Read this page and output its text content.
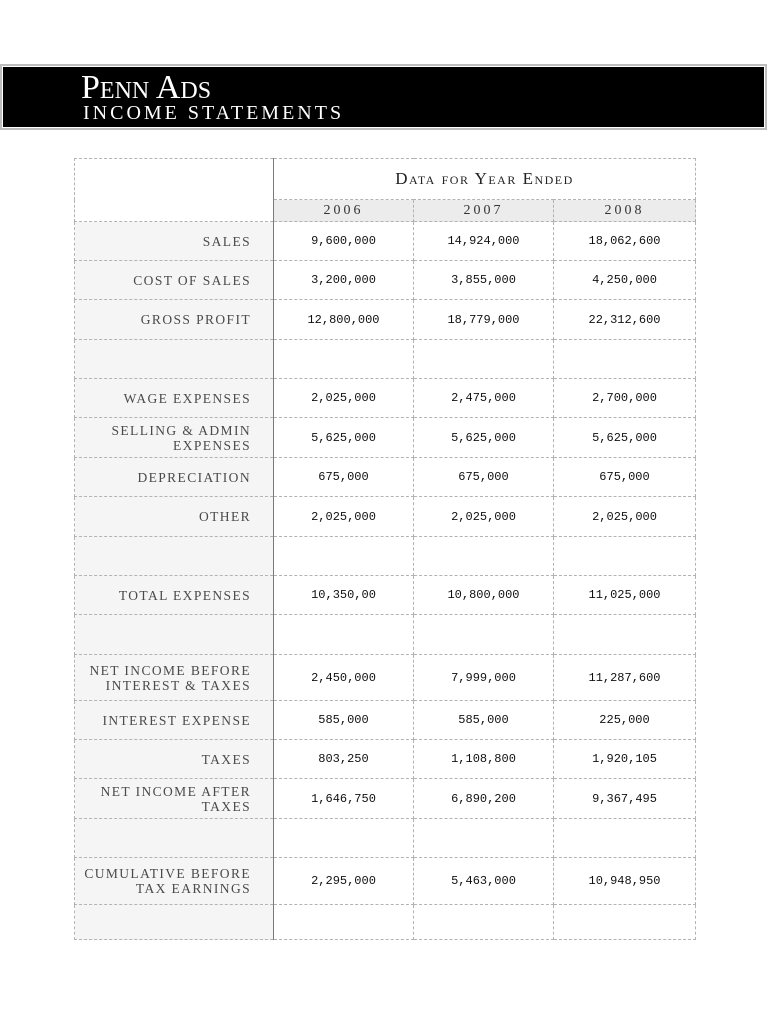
Penn Ads
INCOME STATEMENTS
	Data for Year Ended		
	2006	2007	2008
SALES	9,600,000	14,924,000	18,062,600
COST OF SALES	3,200,000	3,855,000	4,250,000
GROSS PROFIT	12,800,000	18,779,000	22,312,600

WAGE EXPENSES	2,025,000	2,475,000	2,700,000
SELLING & ADMIN EXPENSES	5,625,000	5,625,000	5,625,000
DEPRECIATION	675,000	675,000	675,000
OTHER	2,025,000	2,025,000	2,025,000

TOTAL EXPENSES	10,350,00	10,800,000	11,025,000

NET INCOME BEFORE INTEREST & TAXES	2,450,000	7,999,000	11,287,600
INTEREST EXPENSE	585,000	585,000	225,000
TAXES	803,250	1,108,800	1,920,105
NET INCOME AFTER TAXES	1,646,750	6,890,200	9,367,495

CUMULATIVE BEFORE TAX EARNINGS	2,295,000	5,463,000	10,948,950
